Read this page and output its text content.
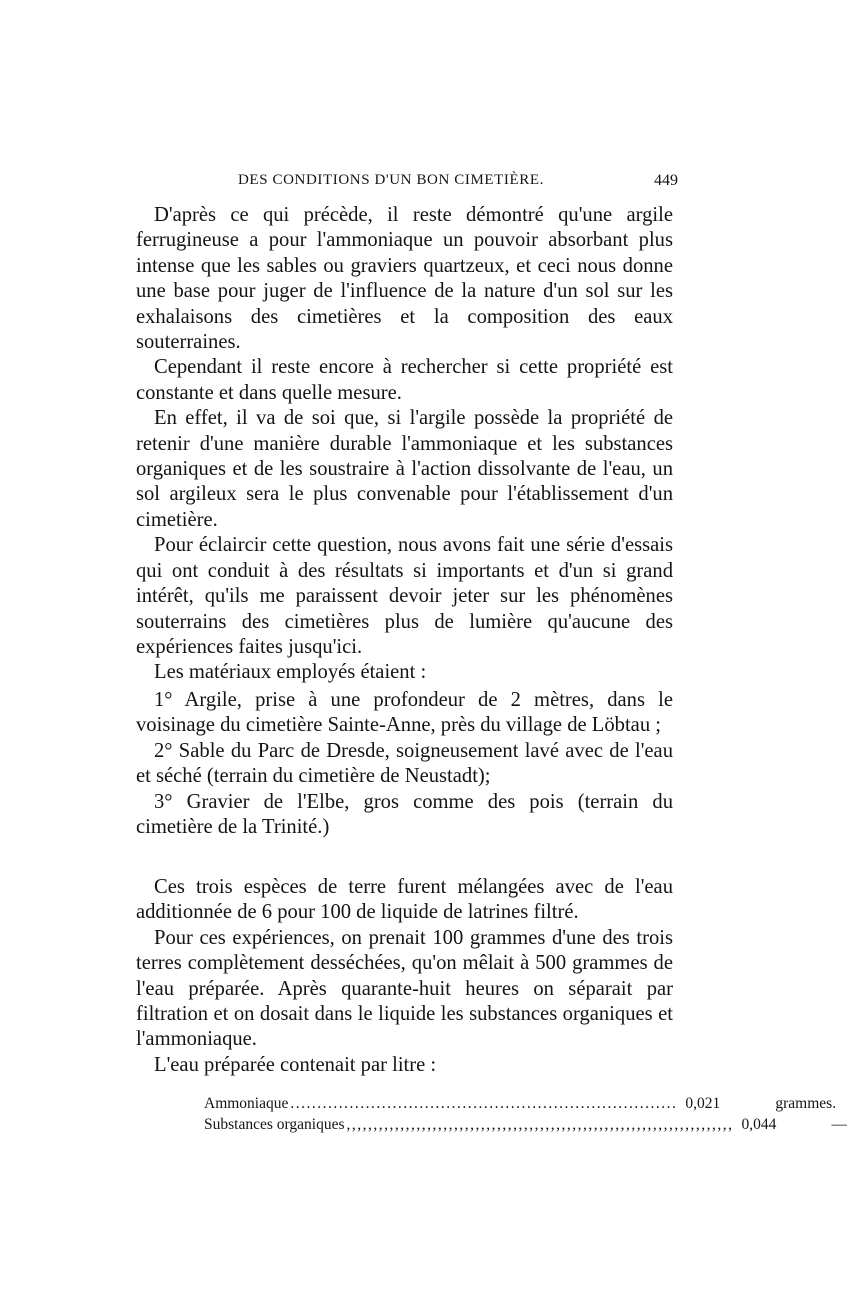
DES CONDITIONS D'UN BON CIMETIÈRE.	449

D'après ce qui précède, il reste démontré qu'une argile ferrugineuse a pour l'ammoniaque un pouvoir absorbant plus intense que les sables ou graviers quartzeux, et ceci nous donne une base pour juger de l'influence de la nature d'un sol sur les exhalaisons des cimetières et la composition des eaux souterraines.

Cependant il reste encore à rechercher si cette propriété est constante et dans quelle mesure.

En effet, il va de soi que, si l'argile possède la propriété de retenir d'une manière durable l'ammoniaque et les substances organiques et de les soustraire à l'action dissolvante de l'eau, un sol argileux sera le plus convenable pour l'établissement d'un cimetière.

Pour éclaircir cette question, nous avons fait une série d'essais qui ont conduit à des résultats si importants et d'un si grand intérêt, qu'ils me paraissent devoir jeter sur les phénomènes souterrains des cimetières plus de lumière qu'aucune des expériences faites jusqu'ici.

Les matériaux employés étaient :

1° Argile, prise à une profondeur de 2 mètres, dans le voisinage du cimetière Sainte-Anne, près du village de Löbtau ;

2° Sable du Parc de Dresde, soigneusement lavé avec de l'eau et séché (terrain du cimetière de Neustadt);

3° Gravier de l'Elbe, gros comme des pois (terrain du cimetière de la Trinité.)

Ces trois espèces de terre furent mélangées avec de l'eau additionnée de 6 pour 100 de liquide de latrines filtré.

Pour ces expériences, on prenait 100 grammes d'une des trois terres complètement desséchées, qu'on mêlait à 500 grammes de l'eau préparée. Après quarante-huit heures on séparait par filtration et on dosait dans le liquide les substances organiques et l'ammoniaque.

L'eau préparée contenait par litre :

Ammoniaque ........................................................................ 0,021	grammes.
Substances organiques ,,,,,,,,,,,,,,,,,,,,,,,,,,,,,,,,,,,,,,,,,,,,,,,,,,,,,,,,,,,,,,,,,,,,,,,, 0,044	—
